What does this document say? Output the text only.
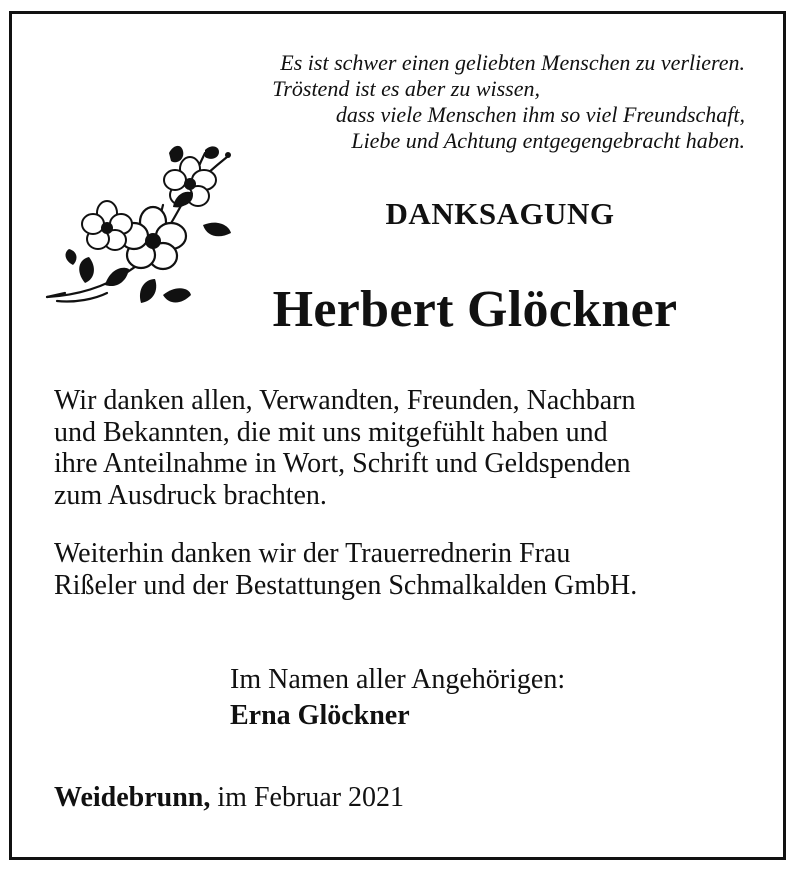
Es ist schwer einen geliebten Menschen zu verlieren.
Tröstend ist es aber zu wissen,
dass viele Menschen ihm so viel Freundschaft,
Liebe und Achtung entgegengebracht haben.
DANKSAGUNG
Herbert Glöckner
Wir danken allen, Verwandten, Freunden, Nachbarn
und Bekannten, die mit uns mitgefühlt haben und
ihre Anteilnahme in Wort, Schrift und Geldspenden
zum Ausdruck brachten.
Weiterhin danken wir der Trauerrednerin Frau
Rißeler und der Bestattungen Schmalkalden GmbH.
Im Namen aller Angehörigen:
Erna Glöckner
Weidebrunn, im Februar 2021
